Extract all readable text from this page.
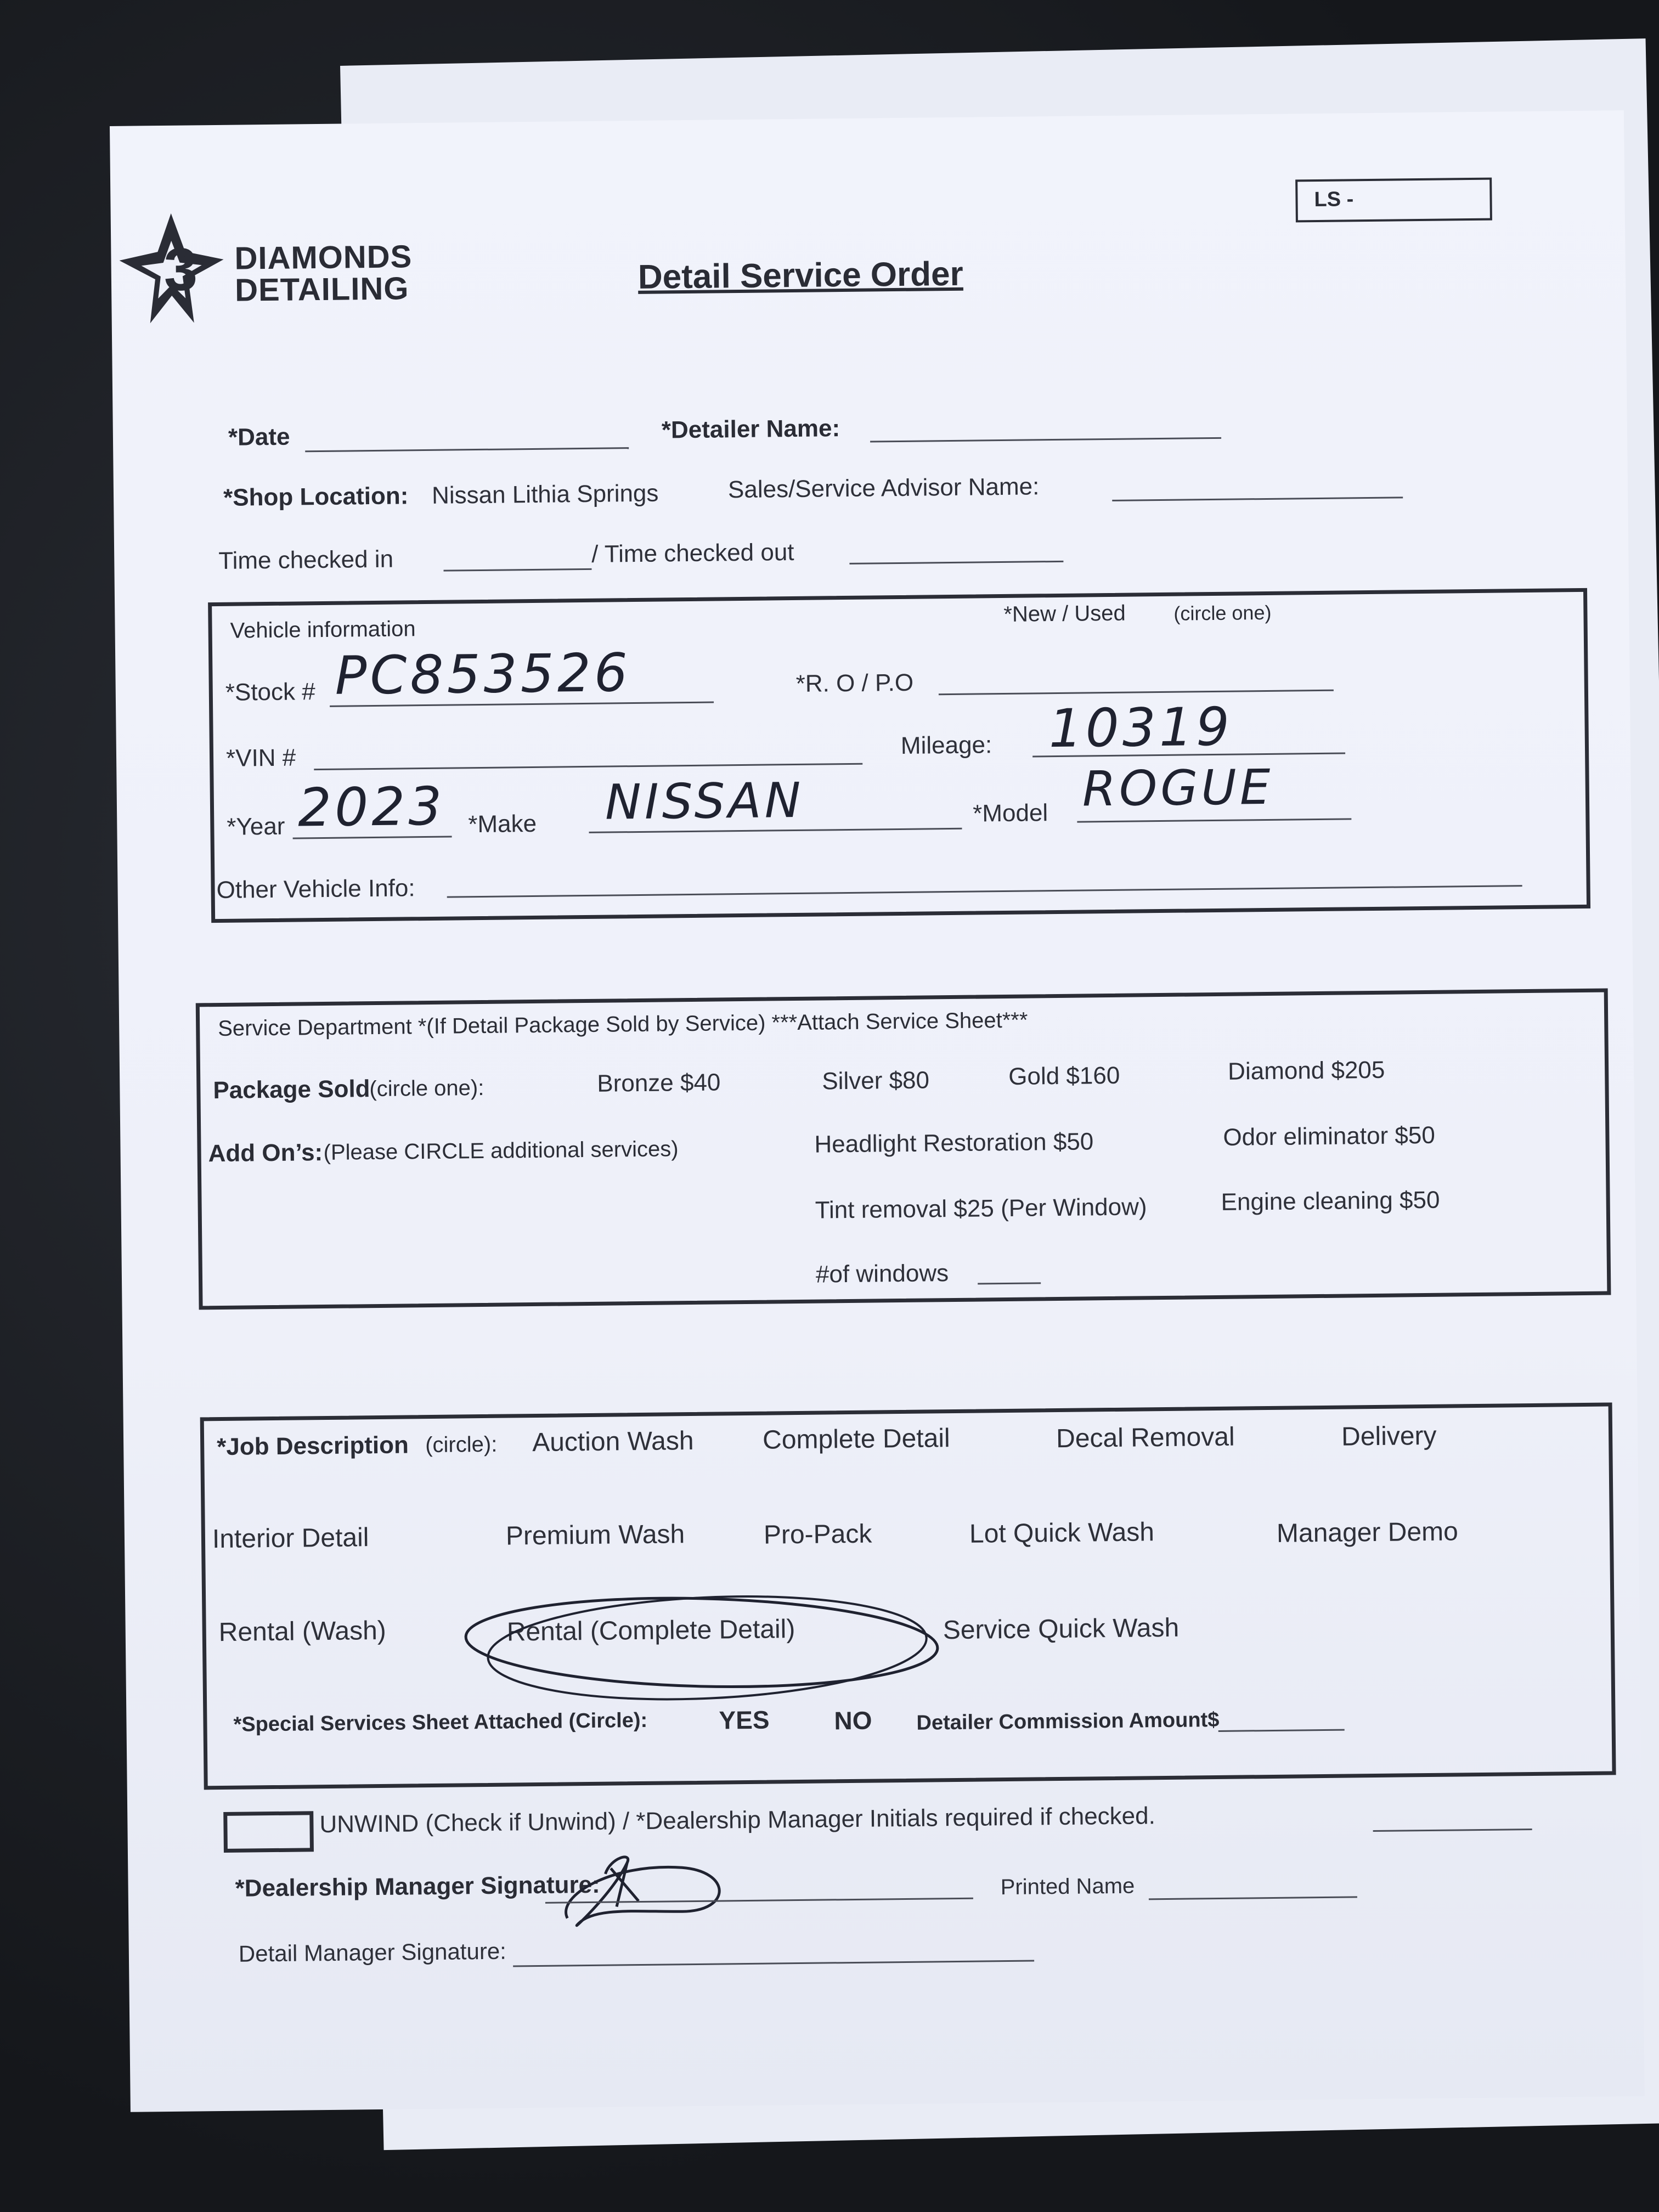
3 DIAMONDS
DETAILING
LS -
Detail Service Order
*Date	*Detailer Name:
*Shop Location: Nissan Lithia Springs	Sales/Service Advisor Name:
Time checked in	/ Time checked out
Vehicle information
*New / Used (circle one)
*Stock # PC853526	*R. O / P.O
*VIN #	Mileage: 10319
*Year 2023 *Make NISSAN	*Model ROGUE
Other Vehicle Info:
Service Department *(If Detail Package Sold by Service) ***Attach Service Sheet***
Package Sold
(circle one):	Bronze $40	Silver $80	Gold $160	Diamond $205
Add On’s: (Please CIRCLE additional services)	Headlight Restoration $50	Odor eliminator $50
Tint removal $25 (Per Window)	Engine cleaning $50
#of windows
*Job Description (circle): Auction Wash	Complete Detail	Decal Removal	Delivery
Interior Detail	Premium Wash	Pro-Pack	Lot Quick Wash	Manager Demo
Rental (Wash)	Rental (Complete Detail)	Service Quick Wash
*Special Services Sheet Attached (Circle):	YES	NO Detailer Commission Amount$
UNWIND (Check if Unwind) / *Dealership Manager Initials required if checked.
*Dealership Manager Signature:	Printed Name
Detail Manager Signature:
